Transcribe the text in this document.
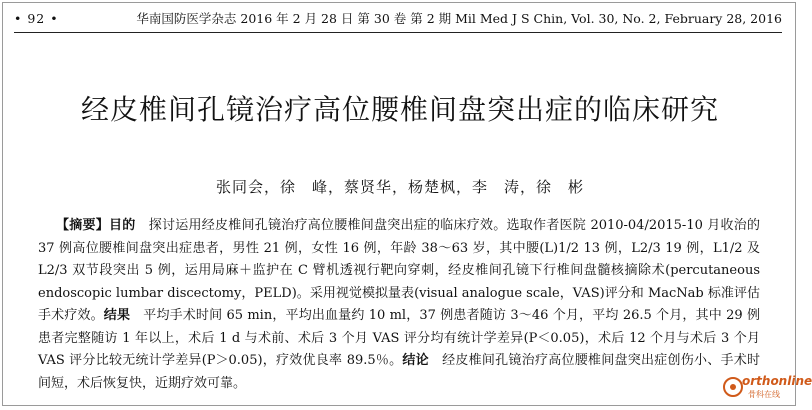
• 92 •	华南国防医学杂志 2016 年 2 月 28 日 第 30 卷 第 2 期 Mil Med J S Chin, Vol. 30, No. 2, February 28, 2016
经皮椎间孔镜治疗高位腰椎间盘突出症的临床研究
张同会，徐　峰，蔡贤华，杨楚枫，李　涛，徐　彬
【摘要】目的　探讨运用经皮椎间孔镜治疗高位腰椎间盘突出症的临床疗效。选取作者医院 2010-04/2015-10 月收治的 37 例高位腰椎间盘突出症患者，男性 21 例，女性 16 例，年龄 38～63 岁，其中腰(L)1/2 13 例，L2/3 19 例，L1/2 及 L2/3 双节段突出 5 例，运用局麻＋监护在 C 臂机透视行靶向穿刺，经皮椎间孔镜下行椎间盘髓核摘除术(percutaneous endoscopic lumbar discectomy，PELD)。采用视觉模拟量表(visual analogue scale，VAS)评分和 MacNab 标准评估手术疗效。结果　平均手术时间 65 min，平均出血量约 10 ml，37 例患者随访 3～46 个月，平均 26.5 个月，其中 29 例患者完整随访 1 年以上，术后 1 d 与术前、术后 3 个月 VAS 评分均有统计学差异(P＜0.05)，术后 12 个月与术后 3 个月 VAS 评分比较无统计学差异(P＞0.05)，疗效优良率 89.5％。结论　经皮椎间孔镜治疗高位腰椎间盘突出症创伤小、手术时间短，术后恢复快，近期疗效可靠。	orthonline
骨科在线
